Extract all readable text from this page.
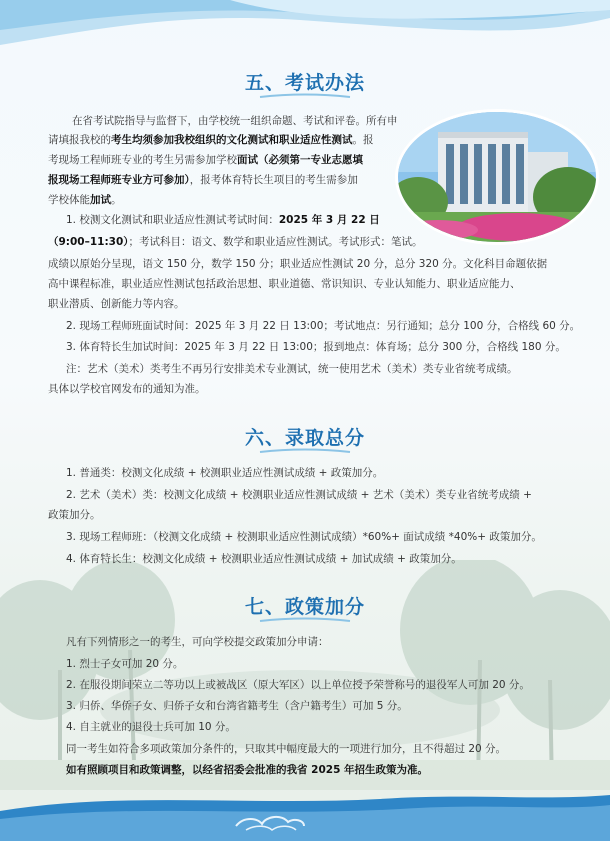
五、考试办法
在省考试院指导与监督下，由学校统一组织命题、考试和评卷。所有申
请填报我校的考生均须参加我校组织的文化测试和职业适应性测试。报
考现场工程师班专业的考生另需参加学校面试（必须第一专业志愿填
报现场工程师班专业方可参加），报考体育特长生项目的考生需参加
学校体能加试。
1. 校测文化测试和职业适应性测试考试时间：2025 年 3 月 22 日
（9:00–11:30）；考试科目：语文、数学和职业适应性测试。考试形式：笔试。
成绩以原始分呈现，语文 150 分，数学 150 分；职业适应性测试 20 分，总分 320 分。文化科目命题依据
高中课程标准，职业适应性测试包括政治思想、职业道德、常识知识、专业认知能力、职业适应能力、
职业潜质、创新能力等内容。
2. 现场工程师班面试时间：2025 年 3 月 22 日 13:00；考试地点：另行通知；总分 100 分，合格线 60 分。
3. 体育特长生加试时间：2025 年 3 月 22 日 13:00；报到地点：体育场；总分 300 分，合格线 180 分。
注：艺术（美术）类考生不再另行安排美术专业测试，统一使用艺术（美术）类专业省统考成绩。
具体以学校官网发布的通知为准。
六、录取总分
1. 普通类：校测文化成绩 + 校测职业适应性测试成绩 + 政策加分。
2. 艺术（美术）类：校测文化成绩 + 校测职业适应性测试成绩 + 艺术（美术）类专业省统考成绩 +
政策加分。
3. 现场工程师班：（校测文化成绩 + 校测职业适应性测试成绩）*60%+ 面试成绩 *40%+ 政策加分。
4. 体育特长生：校测文化成绩 + 校测职业适应性测试成绩 + 加试成绩 + 政策加分。
七、政策加分
凡有下列情形之一的考生，可向学校提交政策加分申请：
1. 烈士子女可加 20 分。
2. 在服役期间荣立二等功以上或被战区（原大军区）以上单位授予荣誉称号的退役军人可加 20 分。
3. 归侨、华侨子女、归侨子女和台湾省籍考生（含户籍考生）可加 5 分。
4. 自主就业的退役士兵可加 10 分。
同一考生如符合多项政策加分条件的，只取其中幅度最大的一项进行加分，且不得超过 20 分。
如有照顾项目和政策调整，以经省招委会批准的我省 2025 年招生政策为准。
